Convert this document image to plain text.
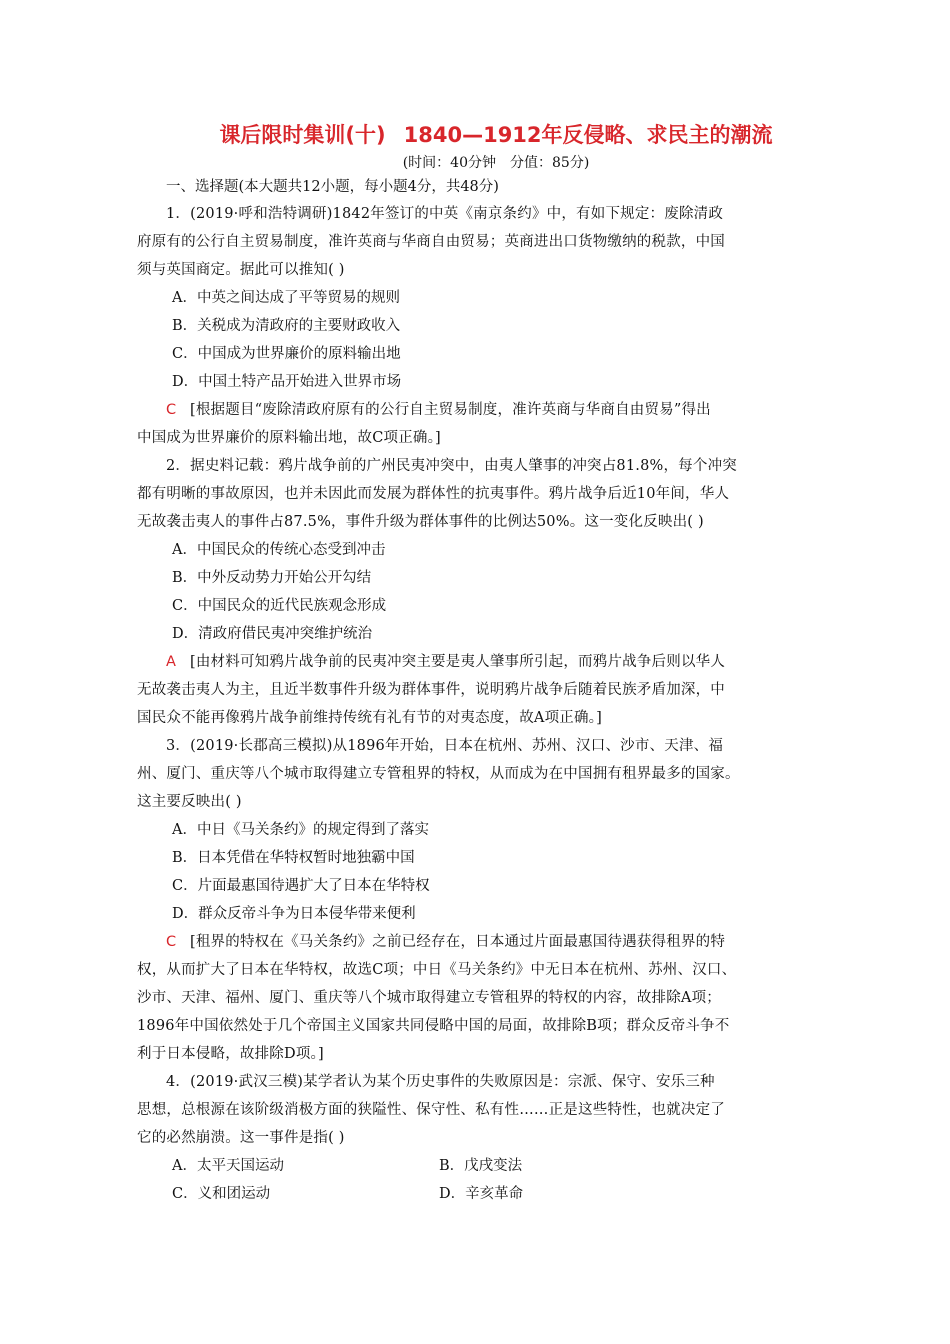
课后限时集训(十) 1840—1912年反侵略、求民主的潮流
(时间：40分钟 分值：85分)
一、选择题(本大题共12小题，每小题4分，共48分)
1．(2019·呼和浩特调研)1842年签订的中英《南京条约》中，有如下规定：废除清政
府原有的公行自主贸易制度，准许英商与华商自由贸易；英商进出口货物缴纳的税款，中国
须与英国商定。据此可以推知( )
A．中英之间达成了平等贸易的规则
B．关税成为清政府的主要财政收入
C．中国成为世界廉价的原料输出地
D．中国土特产品开始进入世界市场
C [根据题目“废除清政府原有的公行自主贸易制度，准许英商与华商自由贸易”得出
中国成为世界廉价的原料输出地，故C项正确。]
2．据史料记载：鸦片战争前的广州民夷冲突中，由夷人肇事的冲突占81.8%，每个冲突
都有明晰的事故原因，也并未因此而发展为群体性的抗夷事件。鸦片战争后近10年间，华人
无故袭击夷人的事件占87.5%，事件升级为群体事件的比例达50%。这一变化反映出( )
A．中国民众的传统心态受到冲击
B．中外反动势力开始公开勾结
C．中国民众的近代民族观念形成
D．清政府借民夷冲突维护统治
A [由材料可知鸦片战争前的民夷冲突主要是夷人肇事所引起，而鸦片战争后则以华人
无故袭击夷人为主，且近半数事件升级为群体事件，说明鸦片战争后随着民族矛盾加深，中
国民众不能再像鸦片战争前维持传统有礼有节的对夷态度，故A项正确。]
3．(2019·长郡高三模拟)从1896年开始，日本在杭州、苏州、汉口、沙市、天津、福
州、厦门、重庆等八个城市取得建立专管租界的特权，从而成为在中国拥有租界最多的国家。
这主要反映出( )
A．中日《马关条约》的规定得到了落实
B．日本凭借在华特权暂时地独霸中国
C．片面最惠国待遇扩大了日本在华特权
D．群众反帝斗争为日本侵华带来便利
C [租界的特权在《马关条约》之前已经存在，日本通过片面最惠国待遇获得租界的特
权，从而扩大了日本在华特权，故选C项；中日《马关条约》中无日本在杭州、苏州、汉口、
沙市、天津、福州、厦门、重庆等八个城市取得建立专管租界的特权的内容，故排除A项；
1896年中国依然处于几个帝国主义国家共同侵略中国的局面，故排除B项；群众反帝斗争不
利于日本侵略，故排除D项。]
4．(2019·武汉三模)某学者认为某个历史事件的失败原因是：宗派、保守、安乐三种
思想，总根源在该阶级消极方面的狭隘性、保守性、私有性……正是这些特性，也就决定了
它的必然崩溃。这一事件是指( )
A．太平天国运动	B．戊戌变法
C．义和团运动	D．辛亥革命
